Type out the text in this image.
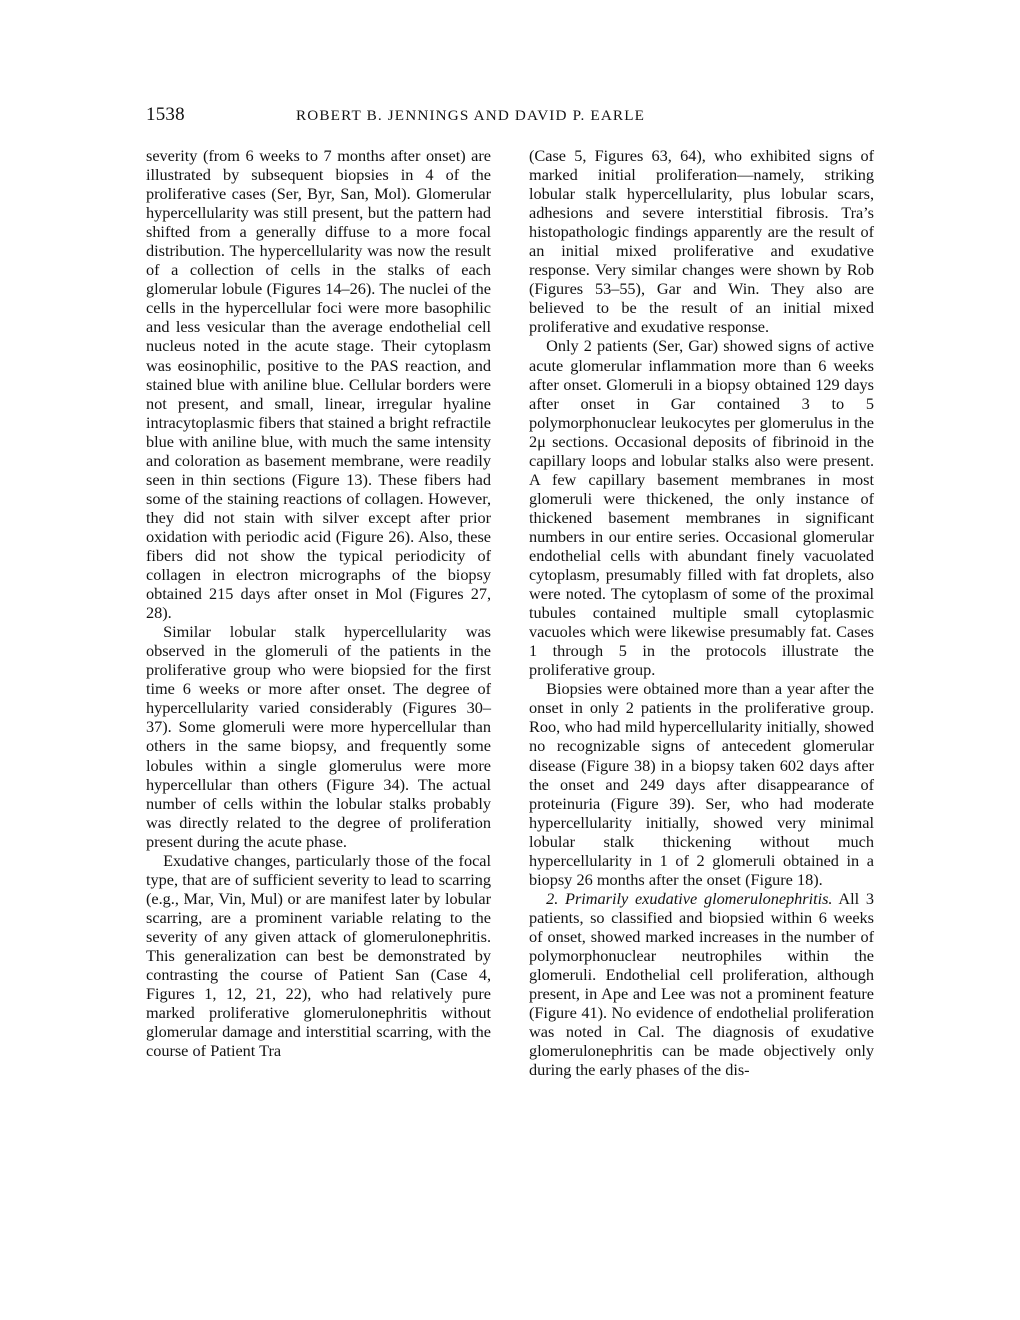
1538	ROBERT B. JENNINGS AND DAVID P. EARLE

severity (from 6 weeks to 7 months after onset) are illustrated by subsequent biopsies in 4 of the proliferative cases (Ser, Byr, San, Mol). Glomerular hypercellularity was still present, but the pattern had shifted from a generally diffuse to a more focal distribution. The hypercellularity was now the result of a collection of cells in the stalks of each glomerular lobule (Figures 14–26). The nuclei of the cells in the hypercellular foci were more basophilic and less vesicular than the average endothelial cell nucleus noted in the acute stage. Their cytoplasm was eosinophilic, positive to the PAS reaction, and stained blue with aniline blue. Cellular borders were not present, and small, linear, irregular hyaline intracytoplasmic fibers that stained a bright refractile blue with aniline blue, with much the same intensity and coloration as basement membrane, were readily seen in thin sections (Figure 13). These fibers had some of the staining reactions of collagen. However, they did not stain with silver except after prior oxidation with periodic acid (Figure 26). Also, these fibers did not show the typical periodicity of collagen in electron micrographs of the biopsy obtained 215 days after onset in Mol (Figures 27, 28).

Similar lobular stalk hypercellularity was observed in the glomeruli of the patients in the proliferative group who were biopsied for the first time 6 weeks or more after onset. The degree of hypercellularity varied considerably (Figures 30–37). Some glomeruli were more hypercellular than others in the same biopsy, and frequently some lobules within a single glomerulus were more hypercellular than others (Figure 34). The actual number of cells within the lobular stalks probably was directly related to the degree of proliferation present during the acute phase.

Exudative changes, particularly those of the focal type, that are of sufficient severity to lead to scarring (e.g., Mar, Vin, Mul) or are manifest later by lobular scarring, are a prominent variable relating to the severity of any given attack of glomerulonephritis. This generalization can best be demonstrated by contrasting the course of Patient San (Case 4, Figures 1, 12, 21, 22), who had relatively pure marked proliferative glomerulonephritis without glomerular damage and interstitial scarring, with the course of Patient Tra

(Case 5, Figures 63, 64), who exhibited signs of marked initial proliferation—namely, striking lobular stalk hypercellularity, plus lobular scars, adhesions and severe interstitial fibrosis. Tra’s histopathologic findings apparently are the result of an initial mixed proliferative and exudative response. Very similar changes were shown by Rob (Figures 53–55), Gar and Win. They also are believed to be the result of an initial mixed proliferative and exudative response.

Only 2 patients (Ser, Gar) showed signs of active acute glomerular inflammation more than 6 weeks after onset. Glomeruli in a biopsy obtained 129 days after onset in Gar contained 3 to 5 polymorphonuclear leukocytes per glomerulus in the 2μ sections. Occasional deposits of fibrinoid in the capillary loops and lobular stalks also were present. A few capillary basement membranes in most glomeruli were thickened, the only instance of thickened basement membranes in significant numbers in our entire series. Occasional glomerular endothelial cells with abundant finely vacuolated cytoplasm, presumably filled with fat droplets, also were noted. The cytoplasm of some of the proximal tubules contained multiple small cytoplasmic vacuoles which were likewise presumably fat. Cases 1 through 5 in the protocols illustrate the proliferative group.

Biopsies were obtained more than a year after the onset in only 2 patients in the proliferative group. Roo, who had mild hypercellularity initially, showed no recognizable signs of antecedent glomerular disease (Figure 38) in a biopsy taken 602 days after the onset and 249 days after disappearance of proteinuria (Figure 39). Ser, who had moderate hypercellularity initially, showed very minimal lobular stalk thickening without much hypercellularity in 1 of 2 glomeruli obtained in a biopsy 26 months after the onset (Figure 18).

2. Primarily exudative glomerulonephritis. All 3 patients, so classified and biopsied within 6 weeks of onset, showed marked increases in the number of polymorphonuclear neutrophiles within the glomeruli. Endothelial cell proliferation, although present, in Ape and Lee was not a prominent feature (Figure 41). No evidence of endothelial proliferation was noted in Cal. The diagnosis of exudative glomerulonephritis can be made objectively only during the early phases of the dis-
